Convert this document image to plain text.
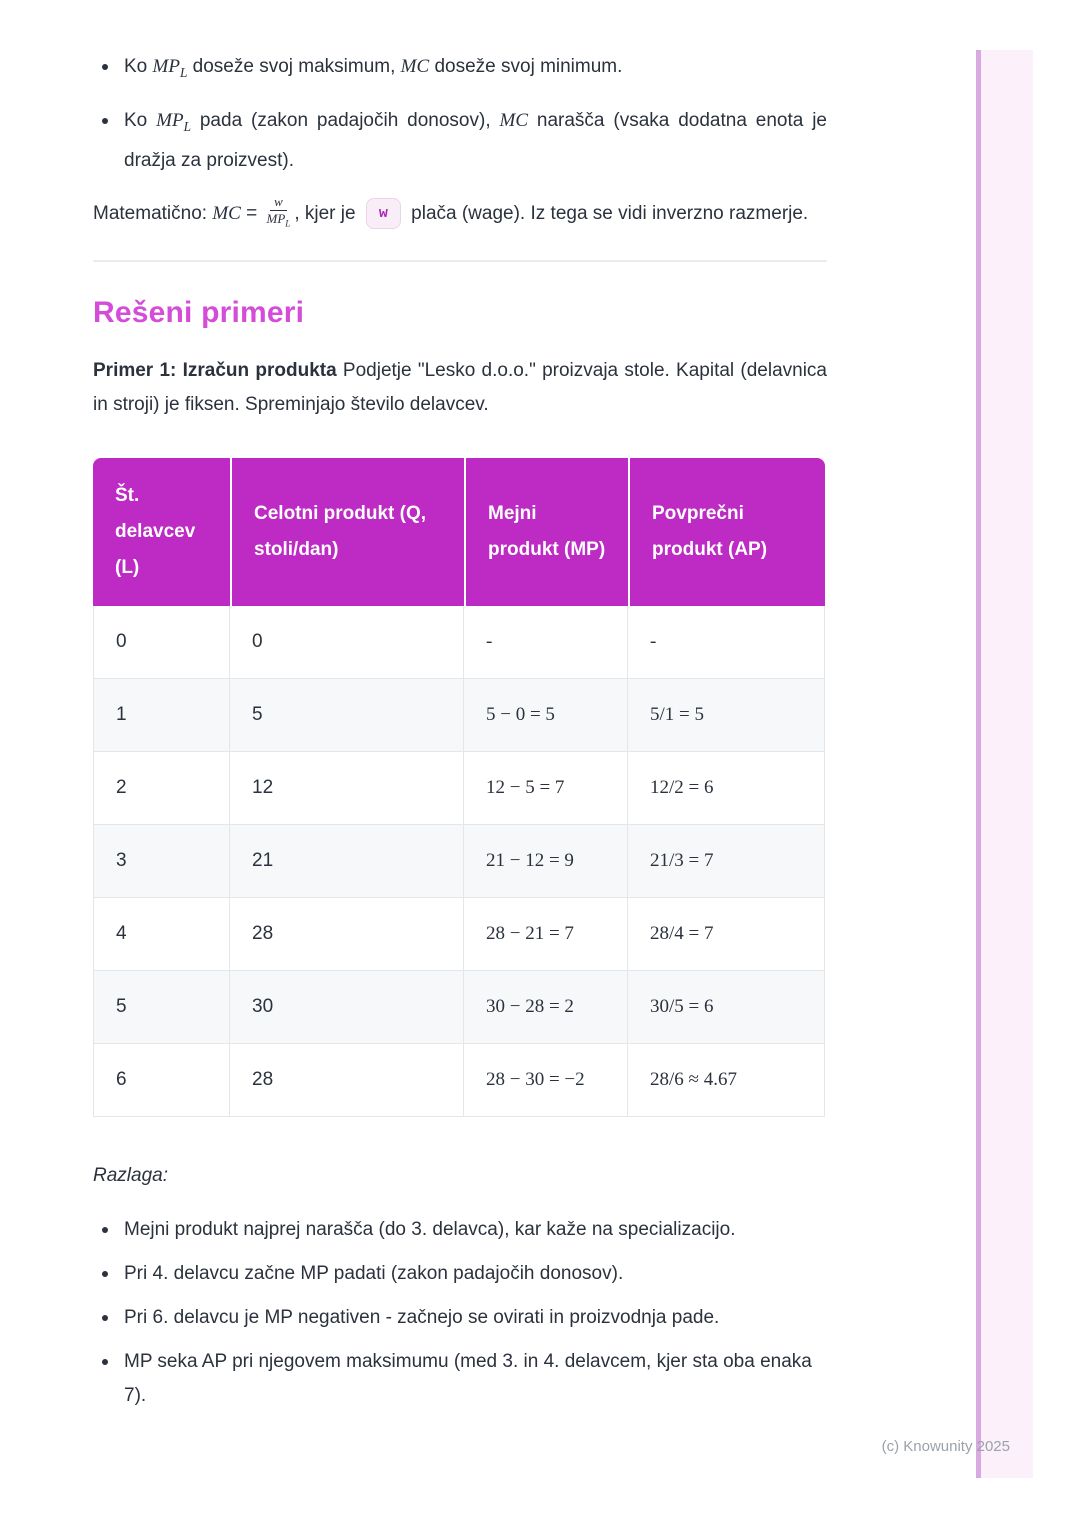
Ko $MP_L$ doseže svoj maksimum, MC doseže svoj minimum.
Ko $MP_L$ pada (zakon padajočih donosov), MC narašča (vsaka dodatna enota je dražja za proizvest).

Matematično: MC = $\frac{w}{MP_L}$ , kjer je w plača (wage). Iz tega se vidi inverzno razmerje.

Rešeni primeri

Primer 1: Izračun produkta Podjetje "Lesko d.o.o." proizvaja stole. Kapital (delavnica in stroji) je fiksen. Spreminjajo število delavcev.

Št. delavcev (L)	Celotni produkt (Q, stoli/dan)	Mejni produkt (MP)	Povprečni produkt (AP)
0	0	-	-
1	5	5 − 0 = 5	5/1 = 5
2	12	12 − 5 = 7	12/2 = 6
3	21	21 − 12 = 9	21/3 = 7
4	28	28 − 21 = 7	28/4 = 7
5	30	30 − 28 = 2	30/5 = 6
6	28	28 − 30 = −2	28/6 ≈ 4.67

Razlaga:

Mejni produkt najprej narašča (do 3. delavca), kar kaže na specializacijo.
Pri 4. delavcu začne MP padati (zakon padajočih donosov).
Pri 6. delavcu je MP negativen - začnejo se ovirati in proizvodnja pade.
MP seka AP pri njegovem maksimumu (med 3. in 4. delavcem, kjer sta oba enaka 7).
(c) Knowunity 2025
